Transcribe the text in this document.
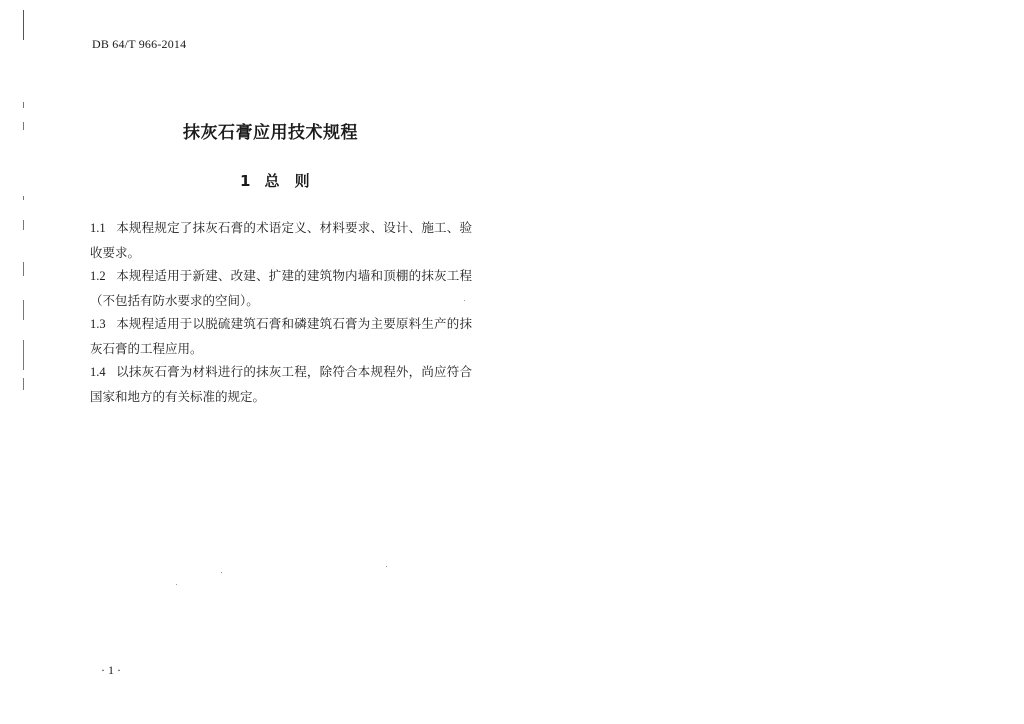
DB 64/T 966-2014
抹灰石膏应用技术规程
1 总 则

1.1 本规程规定了抹灰石膏的术语定义、材料要求、设计、施工、验收要求。

1.2 本规程适用于新建、改建、扩建的建筑物内墙和顶棚的抹灰工程（不包括有防水要求的空间）。

1.3 本规程适用于以脱硫建筑石膏和磷建筑石膏为主要原料生产的抹灰石膏的工程应用。

1.4 以抹灰石膏为材料进行的抹灰工程，除符合本规程外，尚应符合国家和地方的有关标准的规定。

· 1 ·
